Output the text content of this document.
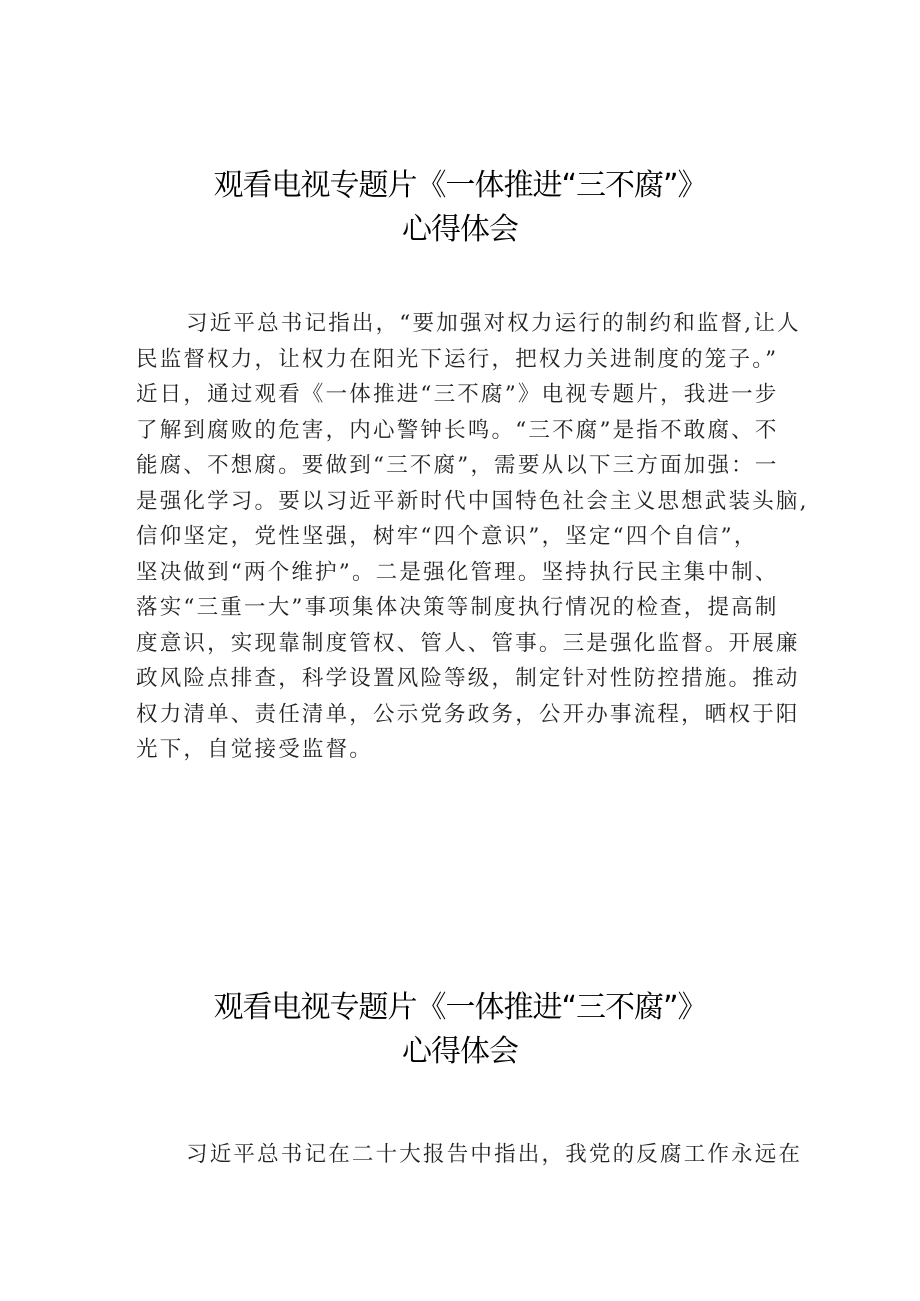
观看电视专题片《一体推进“三不腐”》
心得体会
习近平总书记指出，“要加强对权力运行的制约和监督,让人
民监督权力，让权力在阳光下运行，把权力关进制度的笼子。”
近日，通过观看《一体推进“三不腐”》电视专题片，我进一步
了解到腐败的危害，内心警钟长鸣。“三不腐”是指不敢腐、不
能腐、不想腐。要做到“三不腐”，需要从以下三方面加强：一
是强化学习。要以习近平新时代中国特色社会主义思想武装头脑,
信仰坚定，党性坚强，树牢“四个意识”，坚定“四个自信”，
坚决做到“两个维护”。二是强化管理。坚持执行民主集中制、
落实“三重一大”事项集体决策等制度执行情况的检查，提高制
度意识，实现靠制度管权、管人、管事。三是强化监督。开展廉
政风险点排查，科学设置风险等级，制定针对性防控措施。推动
权力清单、责任清单，公示党务政务，公开办事流程，晒权于阳
光下，自觉接受监督。
观看电视专题片《一体推进“三不腐”》
心得体会
习近平总书记在二十大报告中指出，我党的反腐工作永远在
